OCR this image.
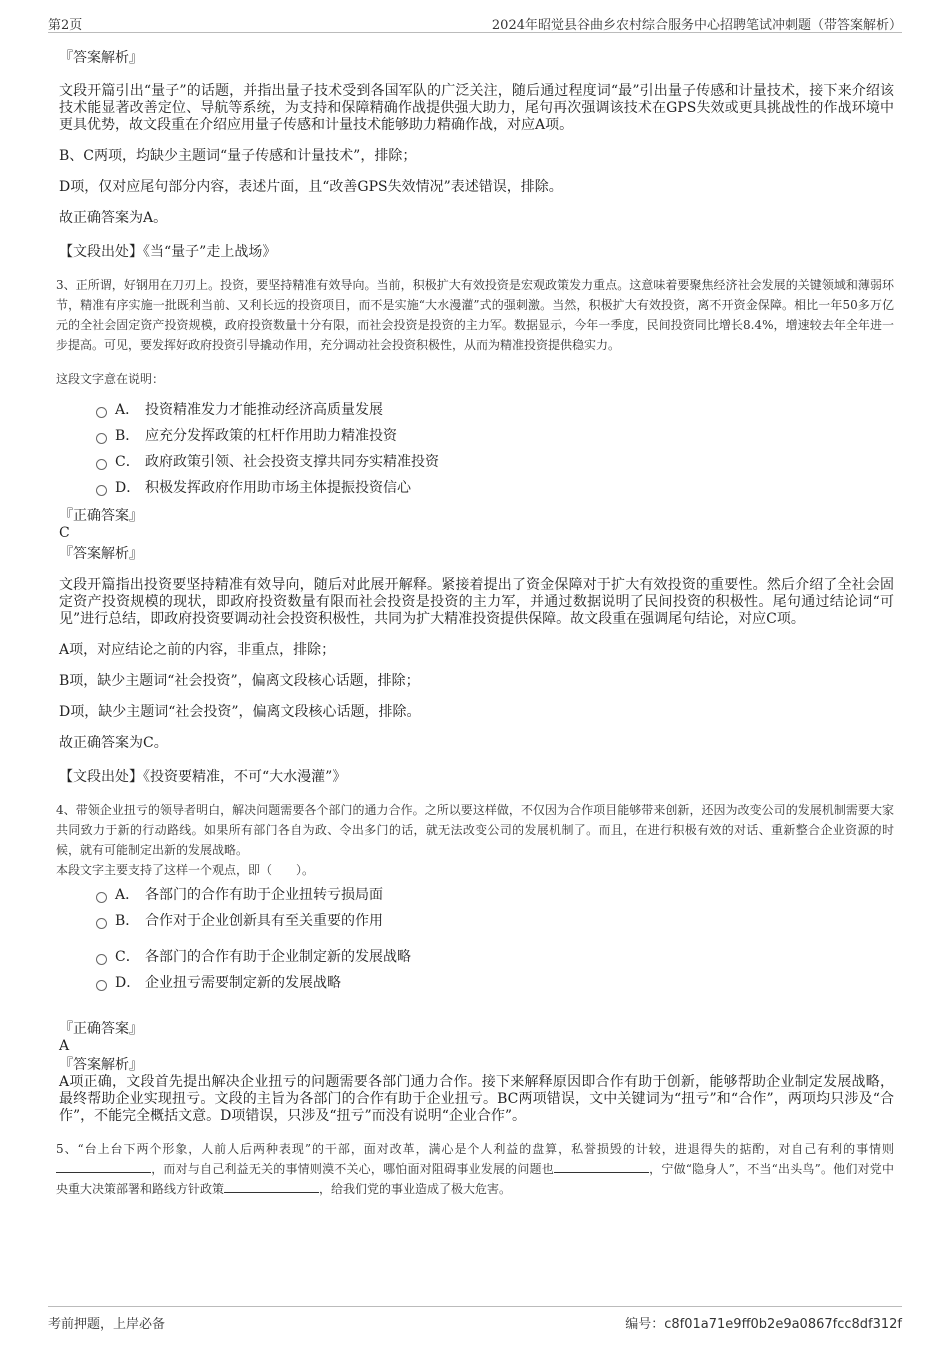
第2页	2024年昭觉县谷曲乡农村综合服务中心招聘笔试冲刺题（带答案解析）
『答案解析』

文段开篇引出“量子”的话题，并指出量子技术受到各国军队的广泛关注，随后通过程度词“最”引出量子传感和计量技术，接下来介绍该技术能显著改善定位、导航等系统，为支持和保障精确作战提供强大助力，尾句再次强调该技术在GPS失效或更具挑战性的作战环境中更具优势，故文段重在介绍应用量子传感和计量技术能够助力精确作战，对应A项。

B、C两项，均缺少主题词“量子传感和计量技术”，排除；

D项，仅对应尾句部分内容，表述片面，且“改善GPS失效情况”表述错误，排除。

故正确答案为A。

【文段出处】《当“量子”走上战场》

3、正所谓，好钢用在刀刃上。投资，要坚持精准有效导向。当前，积极扩大有效投资是宏观政策发力重点。这意味着要聚焦经济社会发展的关键领域和薄弱环节，精准有序实施一批既利当前、又利长远的投资项目，而不是实施“大水漫灌”式的强刺激。当然，积极扩大有效投资，离不开资金保障。相比一年50多万亿元的全社会固定资产投资规模，政府投资数量十分有限，而社会投资是投资的主力军。数据显示，今年一季度，民间投资同比增长8.4%，增速较去年全年进一步提高。可见，要发挥好政府投资引导撬动作用，充分调动社会投资积极性，从而为精准投资提供稳实力。

这段文字意在说明：

A． 投资精准发力才能推动经济高质量发展
B． 应充分发挥政策的杠杆作用助力精准投资
C． 政府政策引领、社会投资支撑共同夯实精准投资
D． 积极发挥政府作用助市场主体提振投资信心
『正确答案』
C
『答案解析』

文段开篇指出投资要坚持精准有效导向，随后对此展开解释。紧接着提出了资金保障对于扩大有效投资的重要性。然后介绍了全社会固定资产投资规模的现状，即政府投资数量有限而社会投资是投资的主力军，并通过数据说明了民间投资的积极性。尾句通过结论词“可见”进行总结，即政府投资要调动社会投资积极性，共同为扩大精准投资提供保障。故文段重在强调尾句结论，对应C项。

A项，对应结论之前的内容，非重点，排除；

B项，缺少主题词“社会投资”，偏离文段核心话题，排除；

D项，缺少主题词“社会投资”，偏离文段核心话题，排除。

故正确答案为C。

【文段出处】《投资要精准，不可“大水漫灌”》

4、带领企业扭亏的领导者明白，解决问题需要各个部门的通力合作。之所以要这样做，不仅因为合作项目能够带来创新，还因为改变公司的发展机制需要大家共同致力于新的行动路线。如果所有部门各自为政、令出多门的话，就无法改变公司的发展机制了。而且，在进行积极有效的对话、重新整合企业资源的时候，就有可能制定出新的发展战略。

本段文字主要支持了这样一个观点，即（　　）。

A． 各部门的合作有助于企业扭转亏损局面
B． 合作对于企业创新具有至关重要的作用
C． 各部门的合作有助于企业制定新的发展战略
D． 企业扭亏需要制定新的发展战略
『正确答案』
A
『答案解析』

A项正确，文段首先提出解决企业扭亏的问题需要各部门通力合作。接下来解释原因即合作有助于创新，能够帮助企业制定发展战略，最终帮助企业实现扭亏。文段的主旨为各部门的合作有助于企业扭亏。BC两项错误，文中关键词为“扭亏”和“合作”，两项均只涉及“合作”，不能完全概括文意。D项错误，只涉及“扭亏”而没有说明“企业合作”。

5、“台上台下两个形象，人前人后两种表现”的干部，面对改革，满心是个人利益的盘算，私誉损毁的计较，进退得失的掂酌，对自己有利的事情则，而对与自己利益无关的事情则漠不关心，哪怕面对阻碍事业发展的问题也	，宁做“隐身人”，不当“出头鸟”。他们对党中央重大决策部署和路线方针政策	，给我们党的事业造成了极大危害。

考前押题，上岸必备	编号：c8f01a71e9ff0b2e9a0867fcc8df312f
